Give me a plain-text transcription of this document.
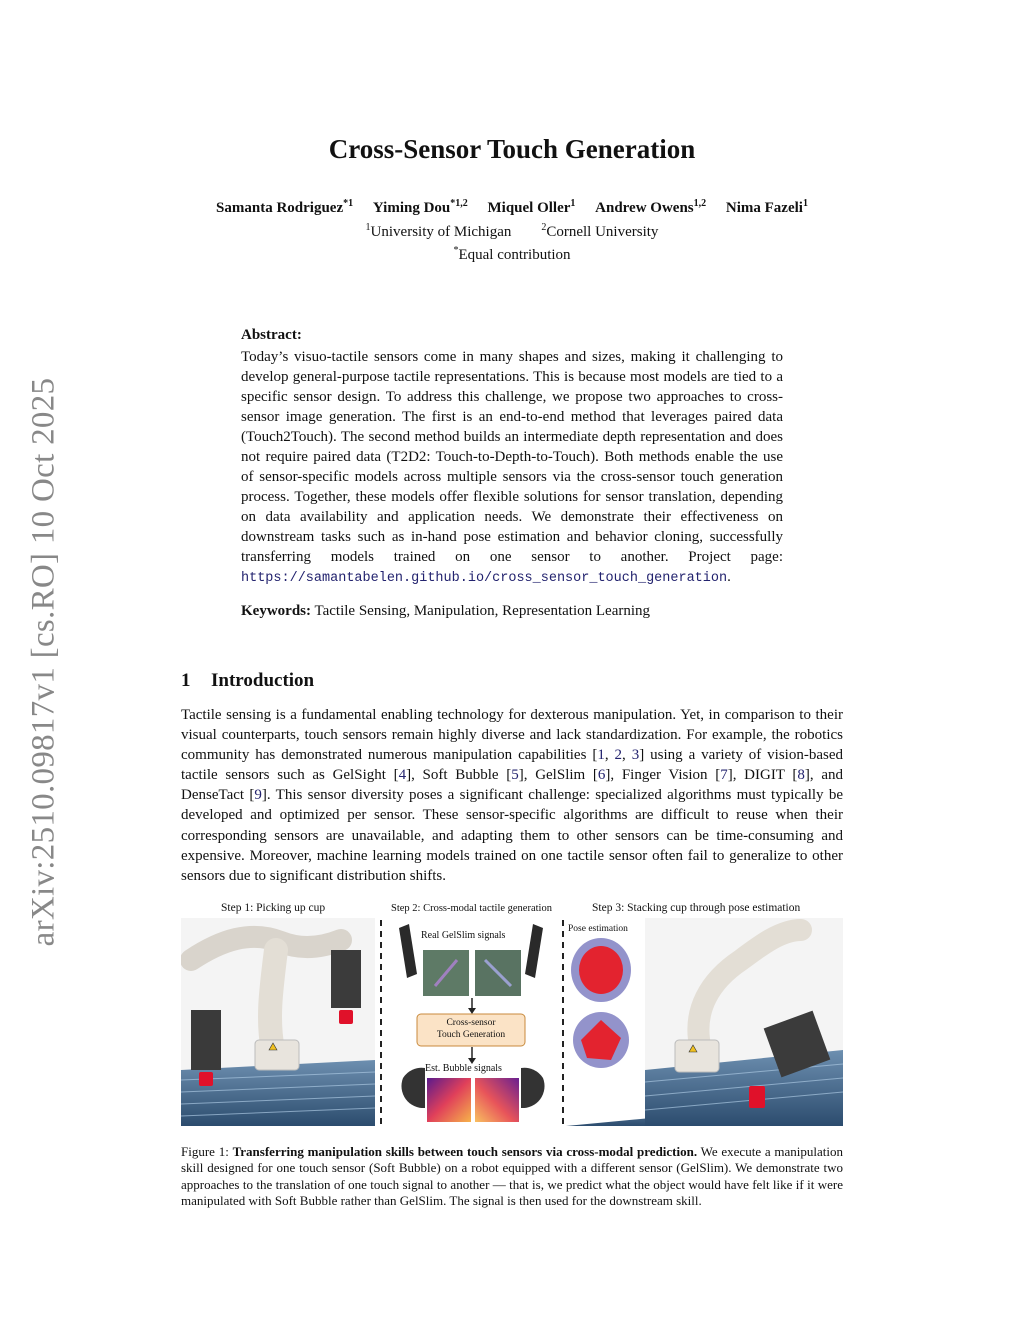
arXiv:2510.09817v1 [cs.RO] 10 Oct 2025
Cross-Sensor Touch Generation
Samanta Rodriguez$^{*1}$ Yiming Dou$^{*1,2}$ Miquel Oller$^1$ Andrew Owens$^{1,2}$ Nima Fazeli$^1$
$^1$University of Michigan	$^2$Cornell University
*Equal contribution
Abstract:
Today’s visuo-tactile sensors come in many shapes and sizes, making it challenging to develop general-purpose tactile representations. This is because most models are tied to a specific sensor design. To address this challenge, we propose two approaches to cross-sensor image generation. The first is an end-to-end method that leverages paired data (Touch2Touch). The second method builds an intermediate depth representation and does not require paired data (T2D2: Touch-to-Depth-to-Touch). Both methods enable the use of sensor-specific models across multiple sensors via the cross-sensor touch generation process. Together, these models offer flexible solutions for sensor translation, depending on data availability and application needs. We demonstrate their effectiveness on downstream tasks such as in-hand pose estimation and behavior cloning, successfully transferring models trained on one sensor to another. Project page: https://samantabelen.github.io/cross_sensor_touch_generation.
Keywords: Tactile Sensing, Manipulation, Representation Learning
1 Introduction
Tactile sensing is a fundamental enabling technology for dexterous manipulation. Yet, in comparison to their visual counterparts, touch sensors remain highly diverse and lack standardization. For example, the robotics community has demonstrated numerous manipulation capabilities [1, 2, 3] using a variety of vision-based tactile sensors such as GelSight [4], Soft Bubble [5], GelSlim [6], Finger Vision [7], DIGIT [8], and DenseTact [9]. This sensor diversity poses a significant challenge: specialized algorithms must typically be developed and optimized per sensor. These sensor-specific algorithms are difficult to reuse when their corresponding sensors are unavailable, and adapting them to other sensors can be time-consuming and expensive. Moreover, machine learning models trained on one tactile sensor often fail to generalize to other sensors due to significant distribution shifts.
Step 1: Picking up cup	Step 2: Cross-modal tactile generation	Step 3: Stacking cup through pose estimation
Real GelSlim signals
Cross-sensor
Touch Generation
Est. Bubble signals
Pose estimation
Figure 1: Transferring manipulation skills between touch sensors via cross-modal prediction. We execute a manipulation skill designed for one touch sensor (Soft Bubble) on a robot equipped with a different sensor (GelSlim). We demonstrate two approaches to the translation of one touch signal to another — that is, we predict what the object would have felt like if it were manipulated with Soft Bubble rather than GelSlim. The signal is then used for the downstream skill.
